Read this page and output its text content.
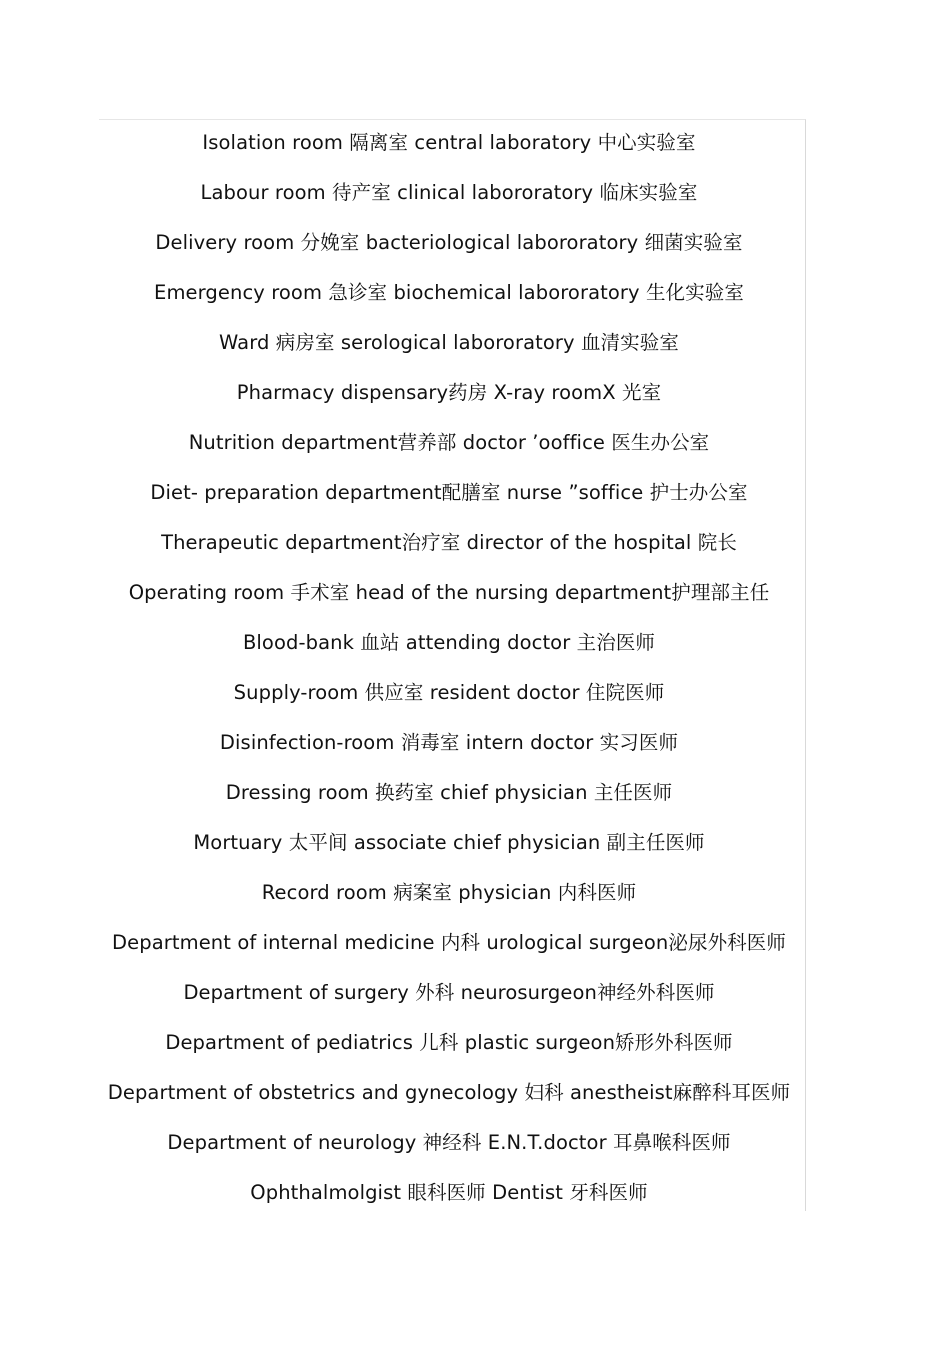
Isolation room 隔离室 central laboratory 中心实验室
Labour room 待产室 clinical labororatory 临床实验室
Delivery room 分娩室 bacteriological labororatory 细菌实验室
Emergency room 急诊室 biochemical labororatory 生化实验室
Ward 病房室 serological labororatory 血清实验室
Pharmacy dispensary药房 X-ray roomX 光室
Nutrition department营养部 doctor ’ooffice 医生办公室
Diet- preparation department配膳室 nurse ”soffice 护士办公室
Therapeutic department治疗室 director of the hospital 院长
Operating room 手术室 head of the nursing department护理部主任
Blood-bank 血站 attending doctor 主治医师
Supply-room 供应室 resident doctor 住院医师
Disinfection-room 消毒室 intern doctor 实习医师
Dressing room 换药室 chief physician 主任医师
Mortuary 太平间 associate chief physician 副主任医师
Record room 病案室 physician 内科医师
Department of internal medicine 内科 urological surgeon泌尿外科医师
Department of surgery 外科 neurosurgeon神经外科医师
Department of pediatrics 儿科 plastic surgeon矫形外科医师
Department of obstetrics and gynecology 妇科 anestheist麻醉科耳医师
Department of neurology 神经科 E.N.T.doctor 耳鼻喉科医师
Ophthalmolgist 眼科医师 Dentist 牙科医师
